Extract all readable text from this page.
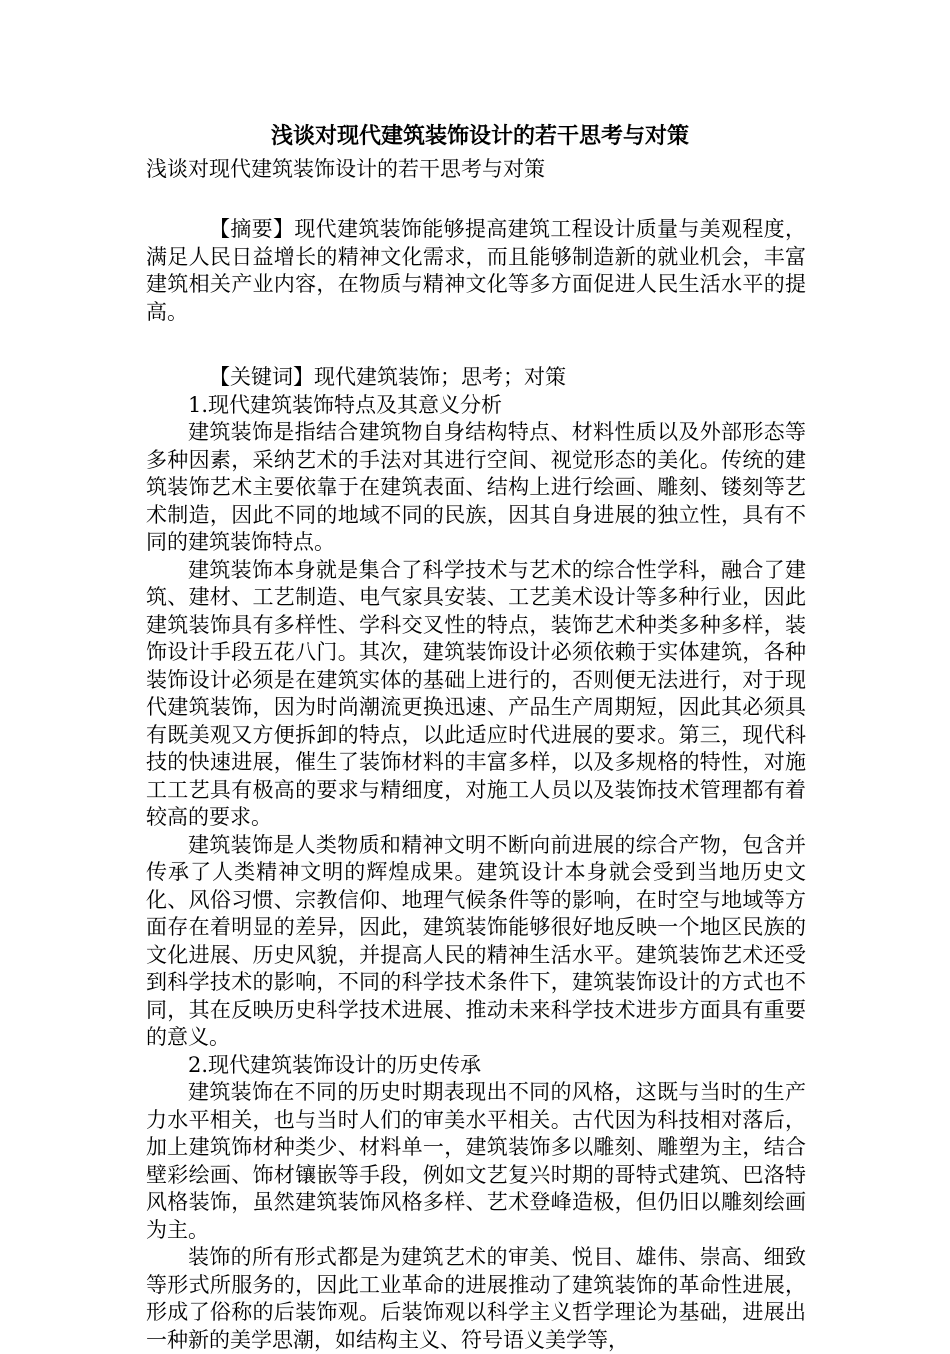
浅谈对现代建筑装饰设计的若干思考与对策

浅谈对现代建筑装饰设计的若干思考与对策

【摘要】现代建筑装饰能够提高建筑工程设计质量与美观程度，满足人民日益增长的精神文化需求，而且能够制造新的就业机会，丰富建筑相关产业内容，在物质与精神文化等多方面促进人民生活水平的提高。

【关键词】现代建筑装饰；思考；对策

1.现代建筑装饰特点及其意义分析

建筑装饰是指结合建筑物自身结构特点、材料性质以及外部形态等多种因素，采纳艺术的手法对其进行空间、视觉形态的美化。传统的建筑装饰艺术主要依靠于在建筑表面、结构上进行绘画、雕刻、镂刻等艺术制造，因此不同的地域不同的民族，因其自身进展的独立性，具有不同的建筑装饰特点。

建筑装饰本身就是集合了科学技术与艺术的综合性学科，融合了建筑、建材、工艺制造、电气家具安装、工艺美术设计等多种行业，因此建筑装饰具有多样性、学科交叉性的特点，装饰艺术种类多种多样，装饰设计手段五花八门。其次，建筑装饰设计必须依赖于实体建筑，各种装饰设计必须是在建筑实体的基础上进行的，否则便无法进行，对于现代建筑装饰，因为时尚潮流更换迅速、产品生产周期短，因此其必须具有既美观又方便拆卸的特点，以此适应时代进展的要求。第三，现代科技的快速进展，催生了装饰材料的丰富多样，以及多规格的特性，对施工工艺具有极高的要求与精细度，对施工人员以及装饰技术管理都有着较高的要求。

建筑装饰是人类物质和精神文明不断向前进展的综合产物，包含并传承了人类精神文明的辉煌成果。建筑设计本身就会受到当地历史文化、风俗习惯、宗教信仰、地理气候条件等的影响，在时空与地域等方面存在着明显的差异，因此，建筑装饰能够很好地反映一个地区民族的文化进展、历史风貌，并提高人民的精神生活水平。建筑装饰艺术还受到科学技术的影响，不同的科学技术条件下，建筑装饰设计的方式也不同，其在反映历史科学技术进展、推动未来科学技术进步方面具有重要的意义。

2.现代建筑装饰设计的历史传承

建筑装饰在不同的历史时期表现出不同的风格，这既与当时的生产力水平相关，也与当时人们的审美水平相关。古代因为科技相对落后，加上建筑饰材种类少、材料单一，建筑装饰多以雕刻、雕塑为主，结合壁彩绘画、饰材镶嵌等手段，例如文艺复兴时期的哥特式建筑、巴洛特风格装饰，虽然建筑装饰风格多样、艺术登峰造极，但仍旧以雕刻绘画为主。

装饰的所有形式都是为建筑艺术的审美、悦目、雄伟、崇高、细致等形式所服务的，因此工业革命的进展推动了建筑装饰的革命性进展，形成了俗称的后装饰观。后装饰观以科学主义哲学理论为基础，进展出一种新的美学思潮，如结构主义、符号语义美学等，
